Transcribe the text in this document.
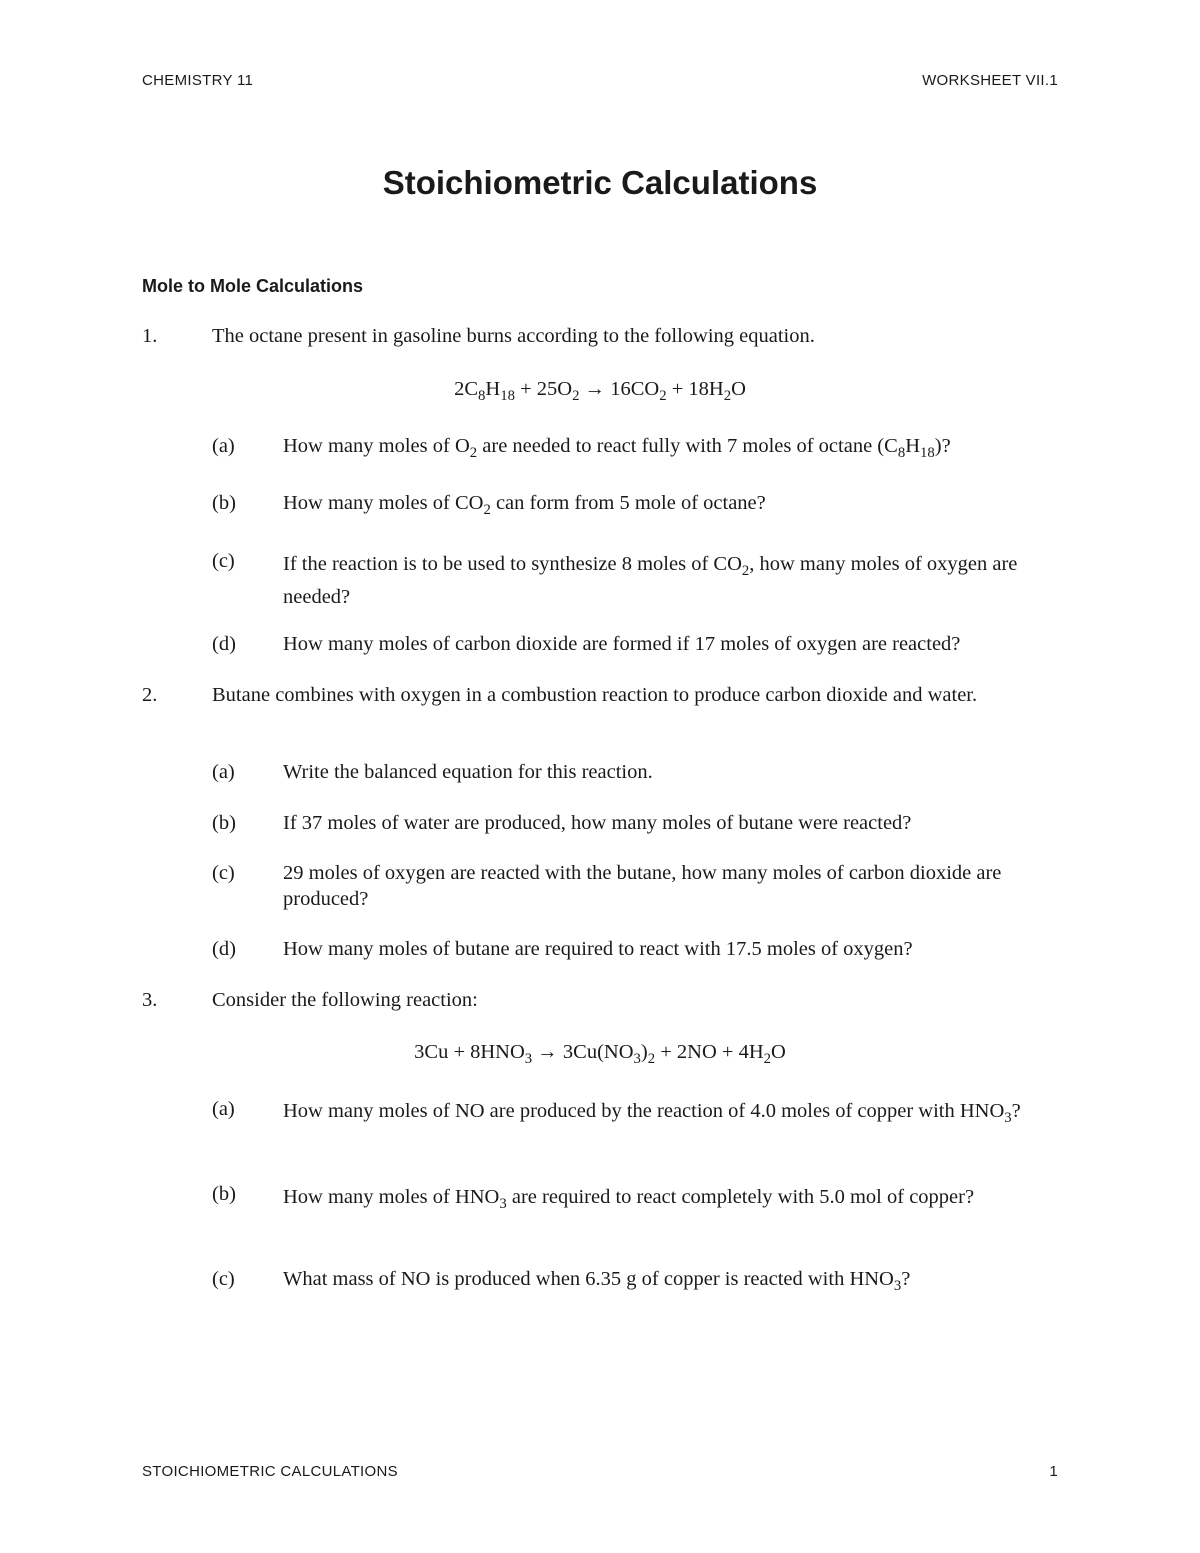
CHEMISTRY 11	WORKSHEET VII.1
Stoichiometric Calculations
Mole to Mole Calculations
1.	The octane present in gasoline burns according to the following equation.
$2C_8H_{18} + 25O_2 \to 16CO_2 + 18H_2O$
(a) How many moles of $O_2$ are needed to react fully with 7 moles of octane $(C_8H_{18})$?
(b) How many moles of $CO_2$ can form from 5 mole of octane?
(c) If the reaction is to be used to synthesize 8 moles of $CO_2$, how many moles of oxygen are needed?
(d) How many moles of carbon dioxide are formed if 17 moles of oxygen are reacted?
2.	Butane combines with oxygen in a combustion reaction to produce carbon dioxide and water.
(a) Write the balanced equation for this reaction.
(b) If 37 moles of water are produced, how many moles of butane were reacted?
(c) 29 moles of oxygen are reacted with the butane, how many moles of carbon dioxide are produced?
(d) How many moles of butane are required to react with 17.5 moles of oxygen?
3.	Consider the following reaction:
$3Cu + 8HNO_3 \to 3Cu(NO_3)_2 + 2NO + 4H_2O$
(a) How many moles of NO are produced by the reaction of 4.0 moles of copper with $HNO_3$?
(b) How many moles of $HNO_3$ are required to react completely with 5.0 mol of copper?
(c) What mass of NO is produced when 6.35 g of copper is reacted with $HNO_3$?
STOICHIOMETRIC CALCULATIONS	1
